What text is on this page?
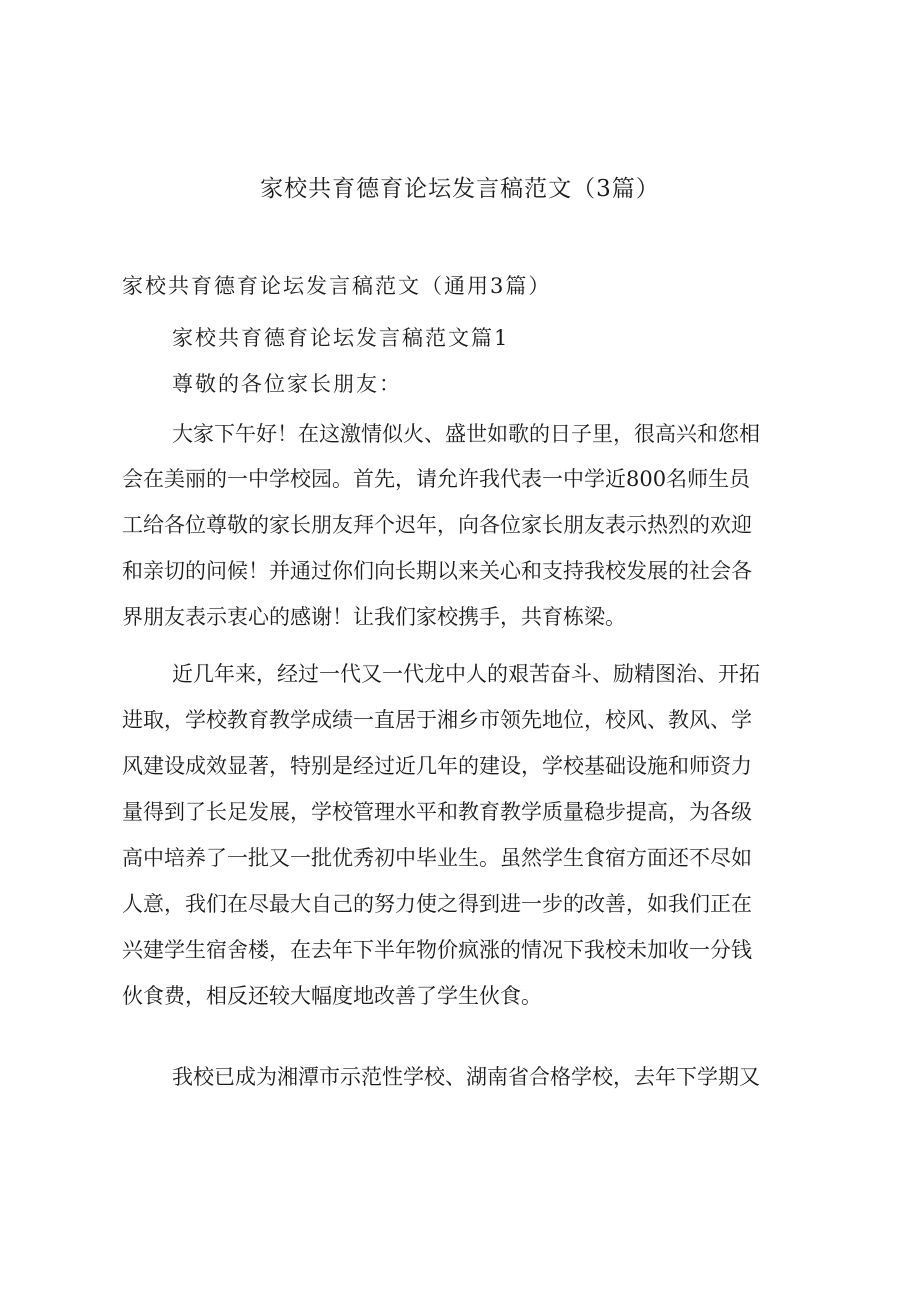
家校共育德育论坛发言稿范文（3篇）
家校共育德育论坛发言稿范文（通用3篇）
家校共育德育论坛发言稿范文篇1
尊敬的各位家长朋友：
大家下午好！在这激情似火、盛世如歌的日子里，很高兴和您相
会在美丽的一中学校园。首先，请允许我代表一中学近800名师生员
工给各位尊敬的家长朋友拜个迟年，向各位家长朋友表示热烈的欢迎
和亲切的问候！并通过你们向长期以来关心和支持我校发展的社会各
界朋友表示衷心的感谢！让我们家校携手，共育栋梁。
近几年来，经过一代又一代龙中人的艰苦奋斗、励精图治、开拓
进取，学校教育教学成绩一直居于湘乡市领先地位，校风、教风、学
风建设成效显著，特别是经过近几年的建设，学校基础设施和师资力
量得到了长足发展，学校管理水平和教育教学质量稳步提高，为各级
高中培养了一批又一批优秀初中毕业生。虽然学生食宿方面还不尽如
人意，我们在尽最大自己的努力使之得到进一步的改善，如我们正在
兴建学生宿舍楼，在去年下半年物价疯涨的情况下我校未加收一分钱
伙食费，相反还较大幅度地改善了学生伙食。
我校已成为湘潭市示范性学校、湖南省合格学校，去年下学期又
